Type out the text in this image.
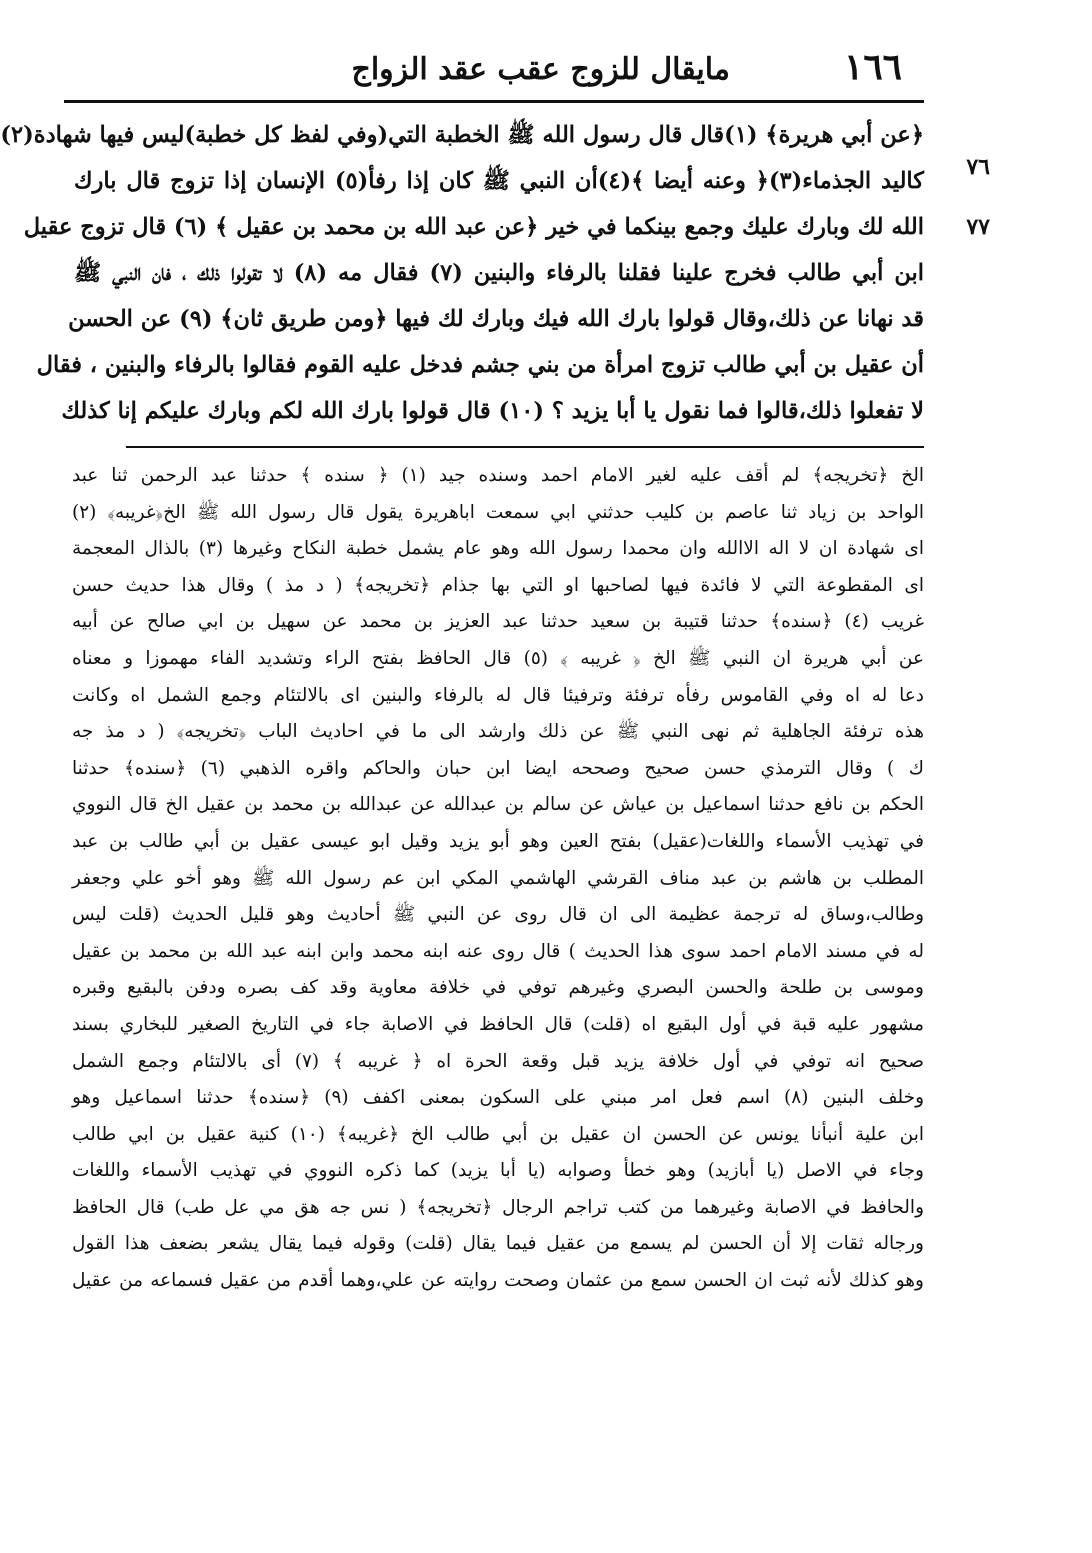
١٦٦
مايقال للزوج عقب عقد الزواج
٧٦
٧٧
﴿عن أبي هريرة﴾ (١)قال قال رسول الله ﷺ الخطبة التي(وفي لفظ كل خطبة)ليس فيها شهادة(٢)
كاليد الجذماء(٣)﴿ وعنه أيضا ﴾(٤)أن النبي ﷺ كان إذا رفأ(٥) الإنسان إذا تزوج قال بارك
الله لك وبارك عليك وجمع بينكما في خير ﴿عن عبد الله بن محمد بن عقيل ﴾ (٦) قال تزوج عقيل
ابن أبي طالب فخرج علينا فقلنا بالرفاء والبنين (٧) فقال مه (٨) لا تقولوا ذلك ، فان النبي ﷺ
قد نهانا عن ذلك،وقال قولوا بارك الله فيك وبارك لك فيها ﴿ومن طريق ثان﴾ (٩) عن الحسن
أن عقيل بن أبي طالب تزوج امرأة من بني جشم فدخل عليه القوم فقالوا بالرفاء والبنين ، فقال
لا تفعلوا ذلك،قالوا فما نقول يا أبا يزيد ؟ (١٠) قال قولوا بارك الله لكم وبارك عليكم إنا كذلك
الخ ﴿تخريجه﴾ لم أقف عليه لغير الامام احمد وسنده جيد (١) ﴿ سنده ﴾ حدثنا عبد الرحمن ثنا عبد
الواحد بن زياد ثنا عاصم بن كليب حدثني ابي سمعت اباهريرة يقول قال رسول الله ﷺ الخ﴿غريبه﴾ (٢)
اى شهادة ان لا اله الاالله وان محمدا رسول الله وهو عام يشمل خطبة النكاح وغيرها (٣) بالذال المعجمة
اى المقطوعة التي لا فائدة فيها لصاحبها او التي بها جذام ﴿تخريجه﴾ ( د مذ ) وقال هذا حديث حسن
غريب (٤) ﴿سنده﴾ حدثنا قتيبة بن سعيد حدثنا عبد العزيز بن محمد عن سهيل بن ابي صالح عن أبيه
عن أبي هريرة ان النبي ﷺ الخ ﴿ غريبه ﴾ (٥) قال الحافظ بفتح الراء وتشديد الفاء مهموزا و معناه
دعا له اه وفي القاموس رفأه ترفئة وترفيئا قال له بالرفاء والبنين اى بالالتئام وجمع الشمل اه وكانت
هذه ترفئة الجاهلية ثم نهى النبي ﷺ عن ذلك وارشد الى ما في احاديث الباب ﴿تخريجه﴾ ( د مذ جه
ك ) وقال الترمذي حسن صحيح وصححه ايضا ابن حبان والحاكم واقره الذهبي (٦) ﴿سنده﴾ حدثنا
الحكم بن نافع حدثنا اسماعيل بن عياش عن سالم بن عبدالله عن عبدالله بن محمد بن عقيل الخ قال النووي
في تهذيب الأسماء واللغات(عقيل) بفتح العين وهو أبو يزيد وقيل ابو عيسى عقيل بن أبي طالب بن عبد
المطلب بن هاشم بن عبد مناف القرشي الهاشمي المكي ابن عم رسول الله ﷺ وهو أخو علي وجعفر
وطالب،وساق له ترجمة عظيمة الى ان قال روى عن النبي ﷺ أحاديث وهو قليل الحديث (قلت ليس
له في مسند الامام احمد سوى هذا الحديث ) قال روى عنه ابنه محمد وابن ابنه عبد الله بن محمد بن عقيل
وموسى بن طلحة والحسن البصري وغيرهم توفي في خلافة معاوية وقد كف بصره ودفن بالبقيع وقبره
مشهور عليه قبة في أول البقيع اه (قلت) قال الحافظ في الاصابة جاء في التاريخ الصغير للبخاري بسند
صحيح انه توفي في أول خلافة يزيد قبل وقعة الحرة اه ﴿ غريبه ﴾ (٧) أى بالالتئام وجمع الشمل
وخلف البنين (٨) اسم فعل امر مبني على السكون بمعنى اكفف (٩) ﴿سنده﴾ حدثنا اسماعيل وهو
ابن علية أنبأنا يونس عن الحسن ان عقيل بن أبي طالب الخ ﴿غريبه﴾ (١٠) كنية عقيل بن ابي طالب
وجاء في الاصل (يا أبازيد) وهو خطأ وصوابه (يا أبا يزيد) كما ذكره النووي في تهذيب الأسماء واللغات
والحافظ في الاصابة وغيرهما من كتب تراجم الرجال ﴿تخريجه﴾ ( نس جه هق مي عل طب) قال الحافظ
ورجاله ثقات إلا أن الحسن لم يسمع من عقيل فيما يقال (قلت) وقوله فيما يقال يشعر بضعف هذا القول
وهو كذلك لأنه ثبت ان الحسن سمع من عثمان وصحت روايته عن علي،وهما أقدم من عقيل فسماعه من عقيل
